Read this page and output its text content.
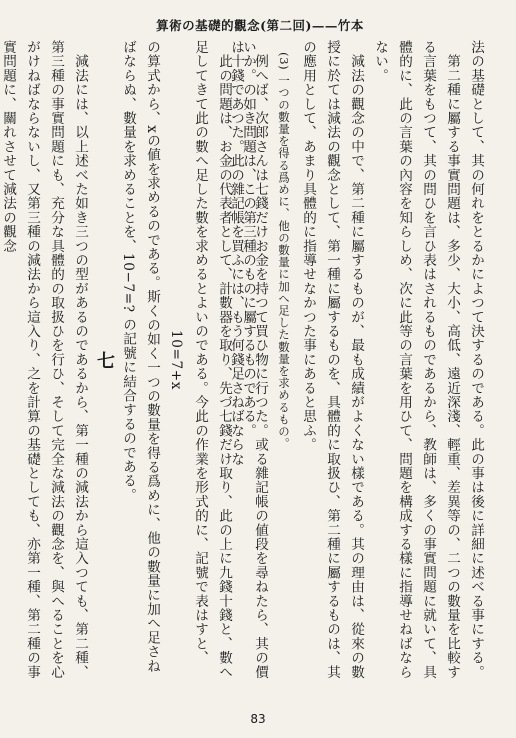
算術の基礎的觀念(第二回)——竹本

法の基礎として、其の何れをとるかによつて決するのである。此の事は後に詳細に述べる事にする。

第二種に屬する事實問題は、多少、大小、高低、遠近深淺、輕重、差異等の、二つの數量を比較する言葉をもつて、其の問ひを言ひ表はされるものであるから、教師は、多くの事實問題に就いて、具體的に、此の言葉の內容を知らしめ、次に此等の言葉を用ひて、問題を構成する樣に指導せねばならない。

減法の觀念の中で、第二種に屬するものが、最も成績がよくない樣である。其の理由は、從來の數授に於ては減法の觀念として、第一種に屬するものを、具體的に取扱ひ、第二種に屬するものは、其の應用として、あまり具體的に指導せなかつた事にあると思ふ。

(3) 一つの數量を得る爲めに、他の數量に加へ足した數量を求めるもの。

例へば、次郎さんは七錢だけお金を持つて買ひ物に行つた。或る雜記帳の値段を尋ねたら、其の價は十錢であつた。此の雜記帳を買ふには、もう何錢足さねばならな

いか。の如き問題は、この第三種のものに屬するものである。

此の問題は、お金の代表者として、計數器を取り、先づ七錢だけ取り、此の上に九錢十錢と、數へ足してきて此の數へ足した數を求めるとよいのである。今此の作業を形式的に、記號で表はすと、

10=7+x

の算式から、xの値を求めるのである。斯くの如く一つの數量を得る爲めに、他の數量に加へ足さねばならぬ、數量を求めることを、10−7=? の記號に結合するのである。

七

減法には、以上述べた如き三つの型があるのであるから、第一種の減法から這入つても、第二種、第三種の事實問題にも、充分な具體的の取扱ひを行ひ、そして完全な減法の觀念を、與へることを心がけねばならないし、又第三種の減法から這入り、之を計算の基礎としても、亦第一種、第二種の事實問題に、關れさせて減法の觀念

83
